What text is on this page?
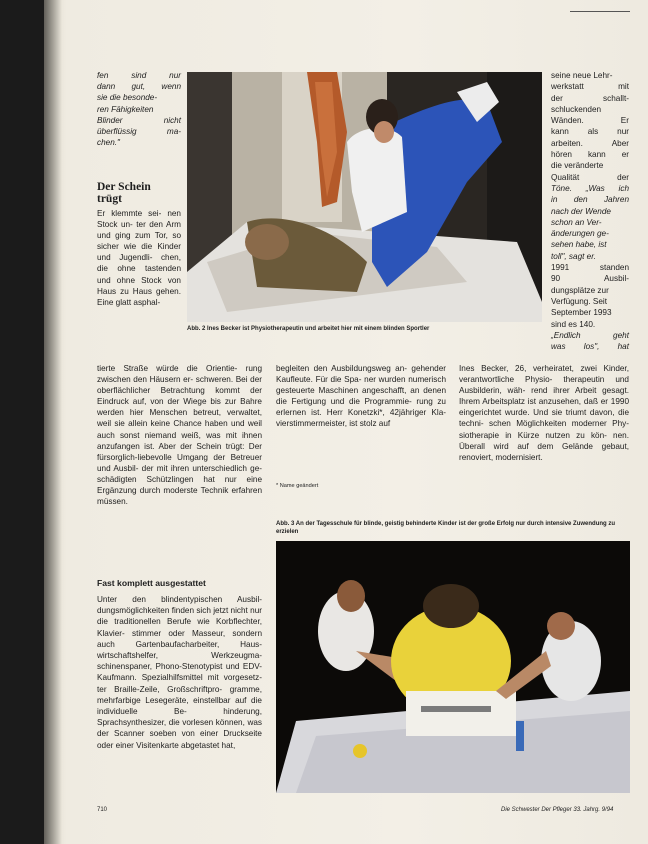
fen sind nur
dann gut, wenn
sie die besonde-
ren Fähigkeiten
Blinder nicht
überflüssig ma-
chen."
Der Schein
trügt

Er klemmte sei- nen Stock un- ter den Arm und ging zum Tor, so sicher wie die Kinder und Jugendli- chen, die ohne tastenden und ohne Stock von Haus zu Haus gehen. Eine glatt asphal-

Abb. 2 Ines Becker ist Physiotherapeutin und arbeitet hier mit einem blinden Sportler

tierte Straße würde die Orientie- rung zwischen den Häusern er- schweren. Bei der oberflächlicher Betrachtung kommt der Eindruck auf, von der Wiege bis zur Bahre werden hier Menschen betreut, verwaltet, weil sie allein keine Chance haben und weil auch sonst niemand weiß, was mit ihnen anzufangen ist. Aber der Schein trügt: Der fürsorglich-liebevolle Umgang der Betreuer und Ausbil- der mit ihren unterschiedlich ge- schädigten Schützlingen hat nur eine Ergänzung durch moderste Technik erfahren müssen.

Fast komplett ausgestattet

Unter den blindentypischen Ausbil- dungsmöglichkeiten finden sich jetzt nicht nur die traditionellen Berufe wie Korbflechter, Klavier- stimmer oder Masseur, sondern auch Gartenbaufacharbeiter, Haus- wirtschaftshelfer, Werkzeugma- schinenspaner, Phono-Stenotypist und EDV-Kaufmann. Spezialhilfsmittel mit vorgesetz- ter Braille-Zeile, Großschriftpro- gramme, mehrfarbige Lesegeräte, einstellbar auf die individuelle Be- hinderung, Sprachsynthesizer, die vorlesen können, was der Scanner soeben von einer Druckseite oder einer Visitenkarte abgetastet hat,

begleiten den Ausbildungsweg an- gehender Kaufleute. Für die Spa- ner wurden numerisch gesteuerte Maschinen angeschafft, an denen die Fertigung und die Programmie- rung zu erlernen ist. Herr Konetzki*, 42jähriger Kla- vierstimmermeister, ist stolz auf

* Name geändert
seine neue Lehr-
werkstatt mit
der schallt-
schluckenden
Wänden. Er
kann als nur
arbeiten. Aber
hören kann er
die veränderte
Qualität der
Töne. „Was ich
in den Jahren
nach der Wende
schon an Ver-
änderungen ge-
sehen habe, ist
toll", sagt er.
1991 standen
90 Ausbil-
dungsplätze zur
Verfügung. Seit
September 1993
sind es 140.
„Endlich geht
was los", hat

Ines Becker, 26, verheiratet, zwei Kinder, verantwortliche Physio- therapeutin und Ausbilderin, wäh- rend ihrer Arbeit gesagt. Ihrem Arbeitsplatz ist anzusehen, daß er 1990 eingerichtet wurde. Und sie triumt davon, die techni- schen Möglichkeiten moderner Phy- siotherapie in Kürze nutzen zu kön- nen. Überall wird auf dem Gelände gebaut, renoviert, modernisiert.

Abb. 3 An der Tagesschule für blinde, geistig behinderte Kinder ist der große Erfolg nur durch intensive Zuwendung zu erzielen
710	Die Schwester Der Pfleger 33. Jahrg. 9/94
